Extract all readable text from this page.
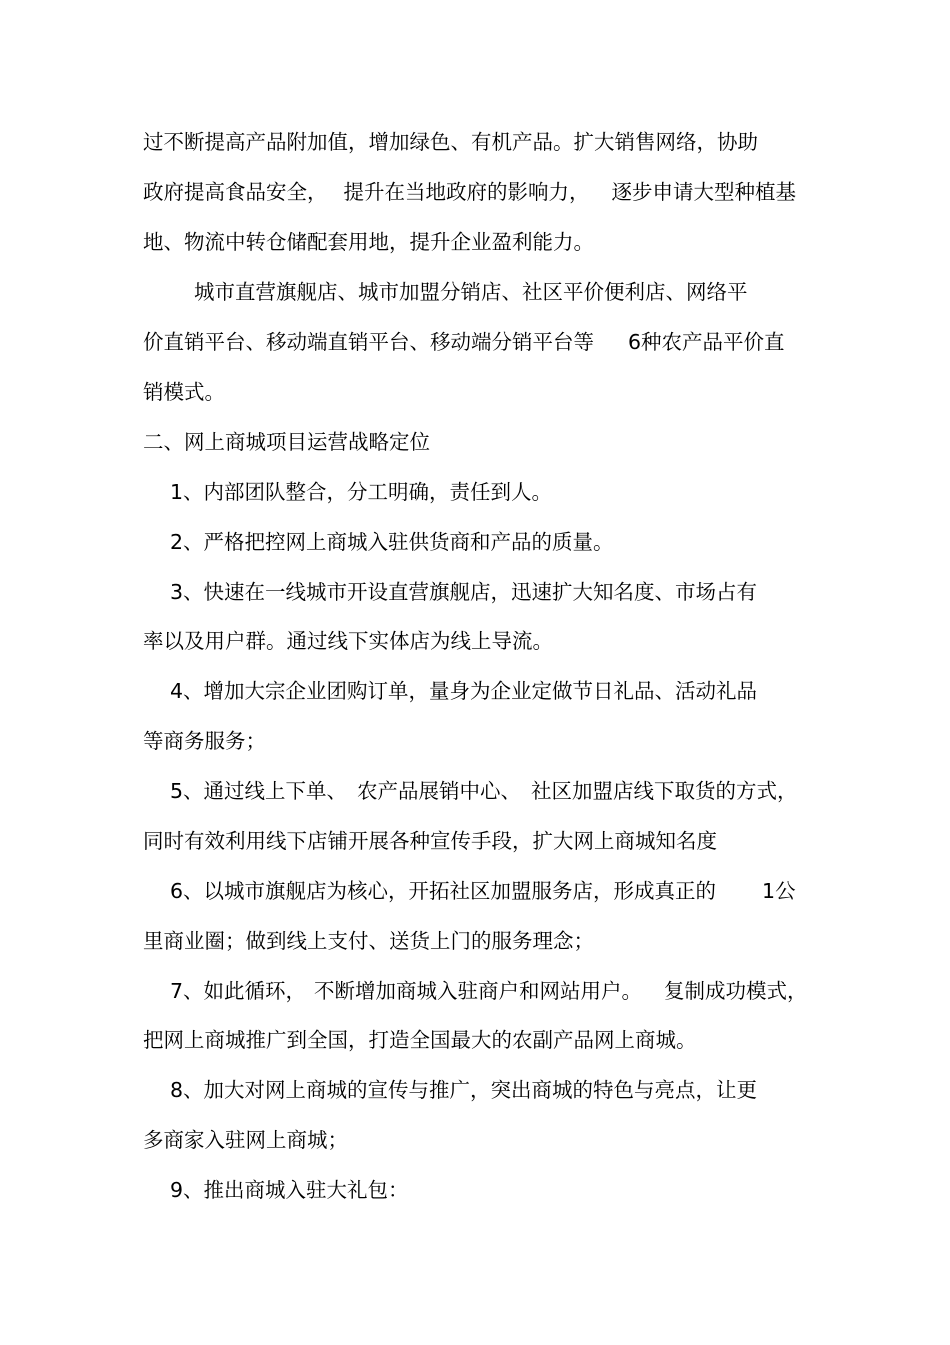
过不断提高产品附加值，增加绿色、有机产品。扩大销售网络，协助
政府提高食品安全， 提升在当地政府的影响力， 逐步申请大型种植基
地、物流中转仓储配套用地，提升企业盈利能力。
城市直营旗舰店、城市加盟分销店、社区平价便利店、网络平
价直销平台、移动端直销平台、移动端分销平台等 6种农产品平价直
销模式。
二、网上商城项目运营战略定位
1、内部团队整合，分工明确，责任到人。
2、严格把控网上商城入驻供货商和产品的质量。
3、快速在一线城市开设直营旗舰店，迅速扩大知名度、市场占有
率以及用户群。通过线下实体店为线上导流。
4、增加大宗企业团购订单，量身为企业定做节日礼品、活动礼品
等商务服务；
5、通过线上下单、 农产品展销中心、 社区加盟店线下取货的方式，
同时有效利用线下店铺开展各种宣传手段，扩大网上商城知名度
6、以城市旗舰店为核心，开拓社区加盟服务店，形成真正的 1公
里商业圈；做到线上支付、送货上门的服务理念；
7、如此循环， 不断增加商城入驻商户和网站用户。 复制成功模式，
把网上商城推广到全国，打造全国最大的农副产品网上商城。
8、加大对网上商城的宣传与推广，突出商城的特色与亮点，让更
多商家入驻网上商城；
9、推出商城入驻大礼包：
